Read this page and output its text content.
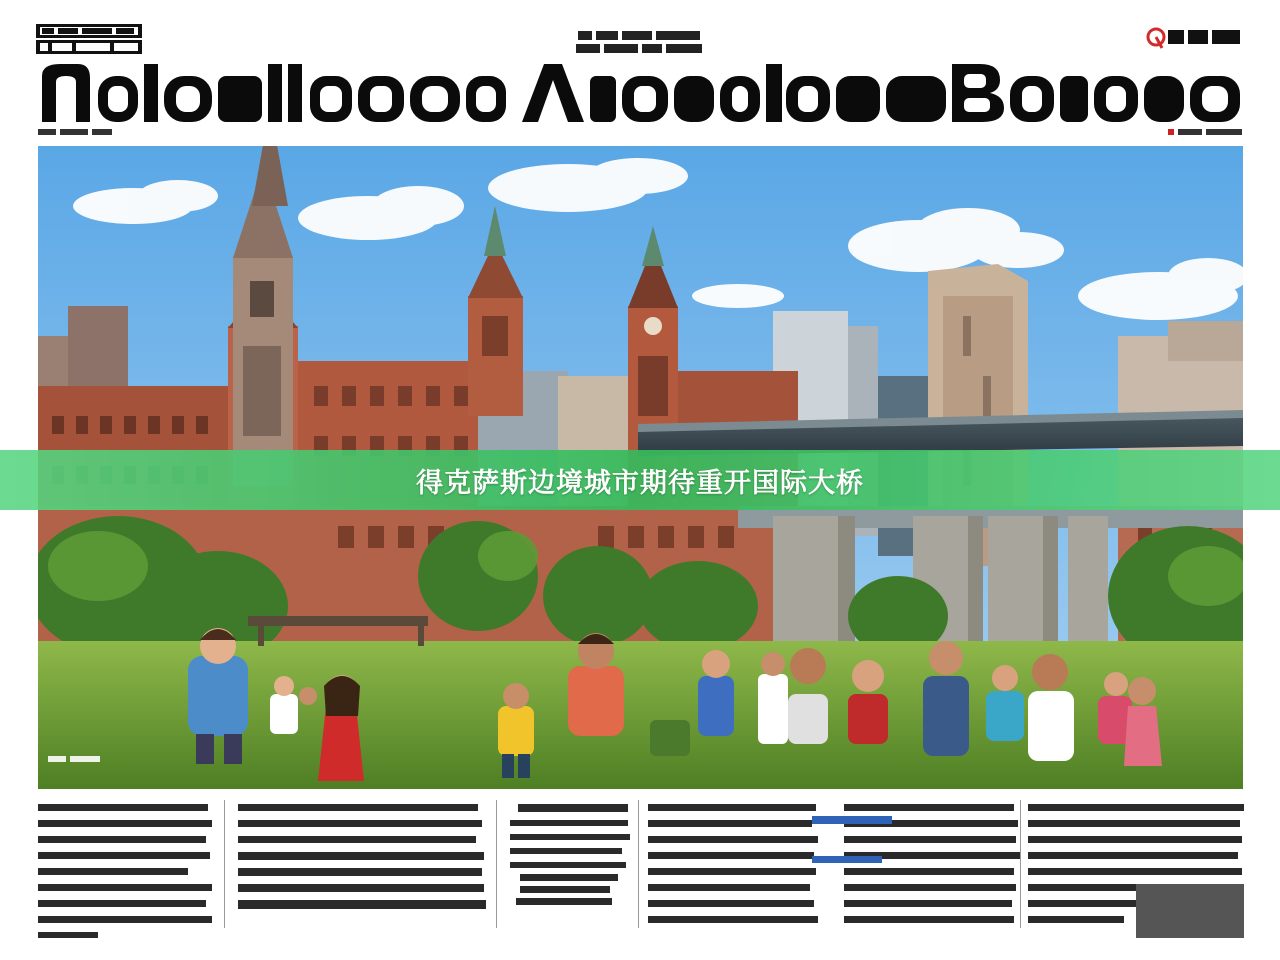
得克萨斯边境城市期待重开国际大桥
